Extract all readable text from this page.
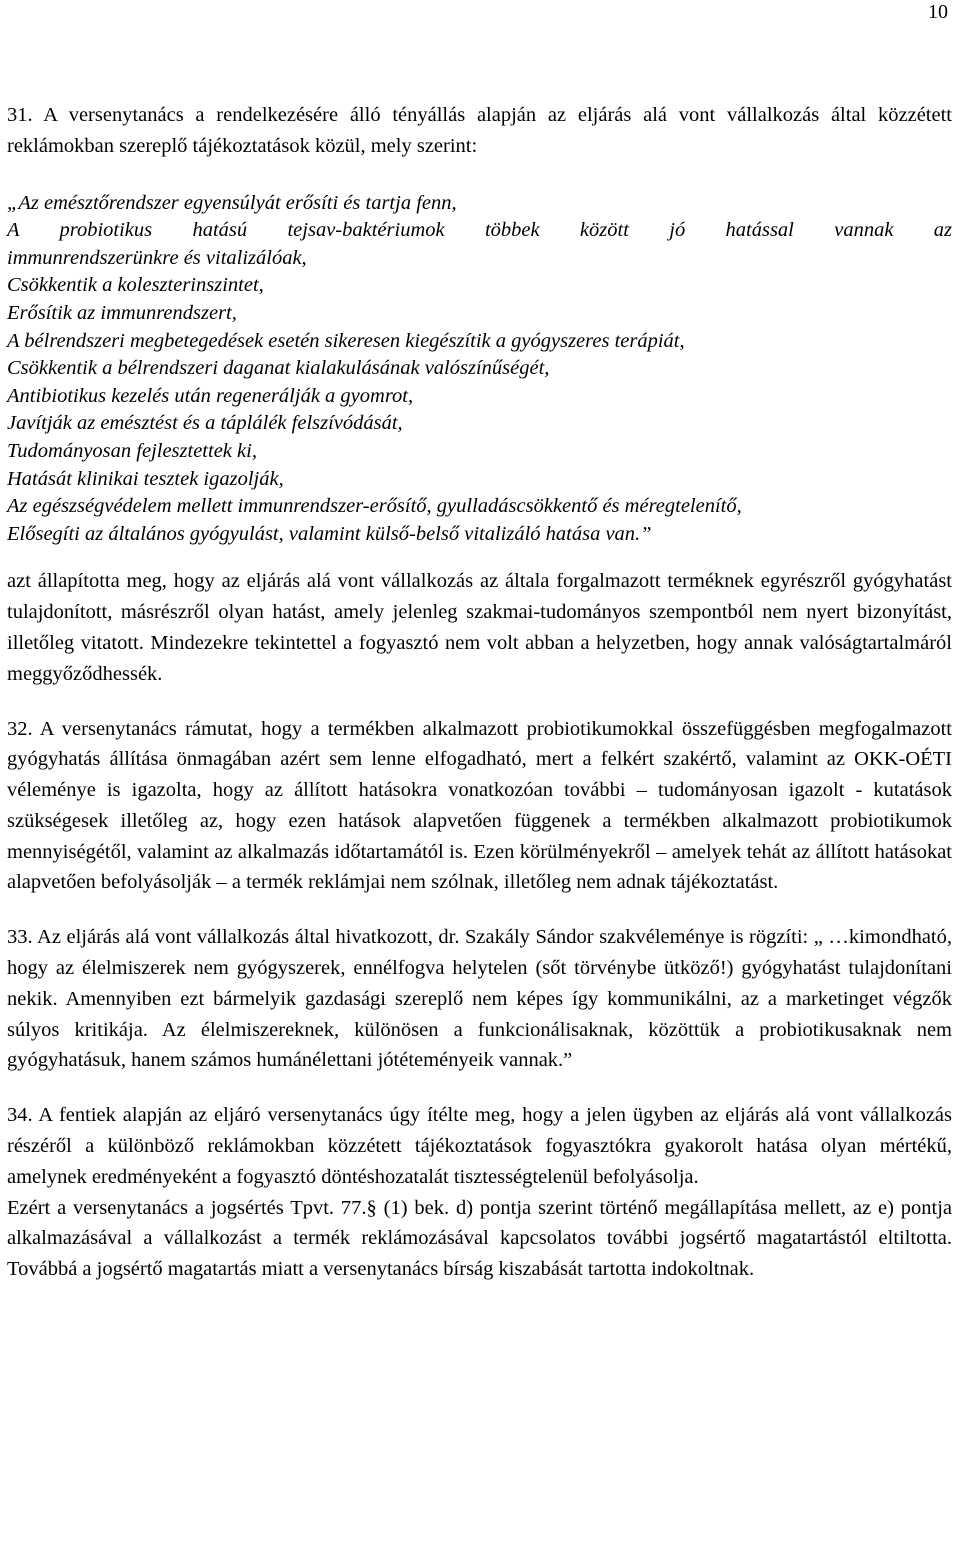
10

31. A versenytanács a rendelkezésére álló tényállás alapján az eljárás alá vont vállalkozás által közzétett reklámokban szereplő tájékoztatások közül, mely szerint:

„Az emésztőrendszer egyensúlyát erősíti és tartja fenn,
A probiotikus hatású tejsav-baktériumok többek között jó hatással vannak az
immunrendszerünkre és vitalizálóak,
Csökkentik a koleszterinszintet,
Erősítik az immunrendszert,
A bélrendszeri megbetegedések esetén sikeresen kiegészítik a gyógyszeres terápiát,
Csökkentik a bélrendszeri daganat kialakulásának valószínűségét,
Antibiotikus kezelés után regenerálják a gyomrot,
Javítják az emésztést és a táplálék felszívódását,
Tudományosan fejlesztettek ki,
Hatását klinikai tesztek igazolják,
Az egészségvédelem mellett immunrendszer-erősítő, gyulladáscsökkentő és méregtelenítő,
Elősegíti az általános gyógyulást, valamint külső-belső vitalizáló hatása van.”

azt állapította meg, hogy az eljárás alá vont vállalkozás az általa forgalmazott terméknek egyrészről gyógyhatást tulajdonított, másrészről olyan hatást, amely jelenleg szakmai-tudományos szempontból nem nyert bizonyítást, illetőleg vitatott. Mindezekre tekintettel a fogyasztó nem volt abban a helyzetben, hogy annak valóságtartalmáról meggyőződhessék.

32. A versenytanács rámutat, hogy a termékben alkalmazott probiotikumokkal összefüggésben megfogalmazott gyógyhatás állítása önmagában azért sem lenne elfogadható, mert a felkért szakértő, valamint az OKK-OÉTI véleménye is igazolta, hogy az állított hatásokra vonatkozóan további – tudományosan igazolt - kutatások szükségesek illetőleg az, hogy ezen hatások alapvetően függenek a termékben alkalmazott probiotikumok mennyiségétől, valamint az alkalmazás időtartamától is. Ezen körülményekről – amelyek tehát az állított hatásokat alapvetően befolyásolják – a termék reklámjai nem szólnak, illetőleg nem adnak tájékoztatást.

33. Az eljárás alá vont vállalkozás által hivatkozott, dr. Szakály Sándor szakvéleménye is rögzíti: „ …kimondható, hogy az élelmiszerek nem gyógyszerek, ennélfogva helytelen (sőt törvénybe ütköző!) gyógyhatást tulajdonítani nekik. Amennyiben ezt bármelyik gazdasági szereplő nem képes így kommunikálni, az a marketinget végzők súlyos kritikája. Az élelmiszereknek, különösen a funkcionálisaknak, közöttük a probiotikusaknak nem gyógyhatásuk, hanem számos humánélettani jótéteményeik vannak.”

34. A fentiek alapján az eljáró versenytanács úgy ítélte meg, hogy a jelen ügyben az eljárás alá vont vállalkozás részéről a különböző reklámokban közzétett tájékoztatások fogyasztókra gyakorolt hatása olyan mértékű, amelynek eredményeként a fogyasztó döntéshozatalát tisztességtelenül befolyásolja.

Ezért a versenytanács a jogsértés Tpvt. 77.§ (1) bek. d) pontja szerint történő megállapítása mellett, az e) pontja alkalmazásával a vállalkozást a termék reklámozásával kapcsolatos további jogsértő magatartástól eltiltotta. Továbbá a jogsértő magatartás miatt a versenytanács bírság kiszabását tartotta indokoltnak.
